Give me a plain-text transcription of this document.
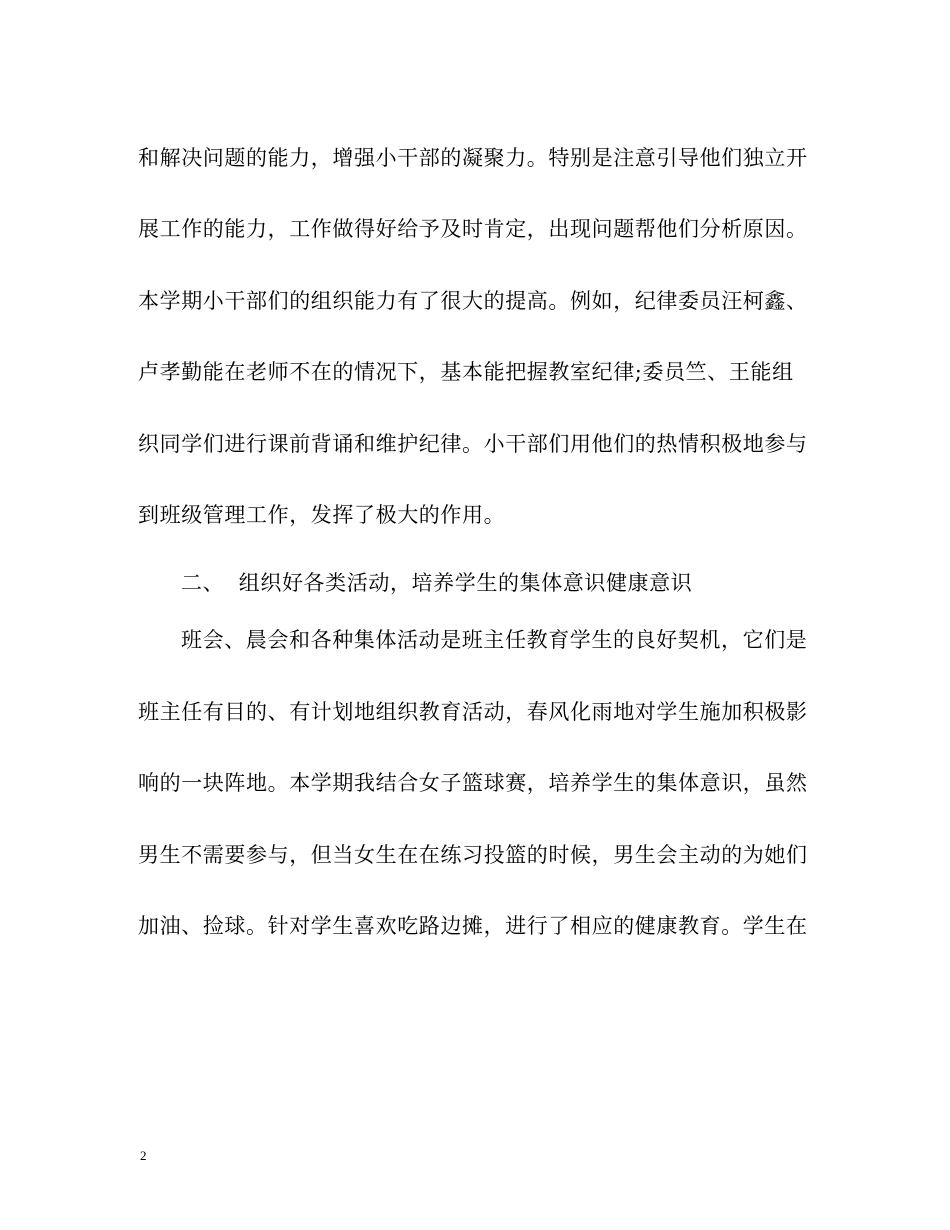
和解决问题的能力，增强小干部的凝聚力。特别是注意引导他们独立开
展工作的能力，工作做得好给予及时肯定，出现问题帮他们分析原因。
本学期小干部们的组织能力有了很大的提高。例如，纪律委员汪柯鑫、
卢孝勤能在老师不在的情况下，基本能把握教室纪律;委员竺、王能组
织同学们进行课前背诵和维护纪律。小干部们用他们的热情积极地参与
到班级管理工作，发挥了极大的作用。
二、  组织好各类活动，培养学生的集体意识健康意识
班会、晨会和各种集体活动是班主任教育学生的良好契机，它们是
班主任有目的、有计划地组织教育活动，春风化雨地对学生施加积极影
响的一块阵地。本学期我结合女子篮球赛，培养学生的集体意识，虽然
男生不需要参与，但当女生在在练习投篮的时候，男生会主动的为她们
加油、捡球。针对学生喜欢吃路边摊，进行了相应的健康教育。学生在
2
